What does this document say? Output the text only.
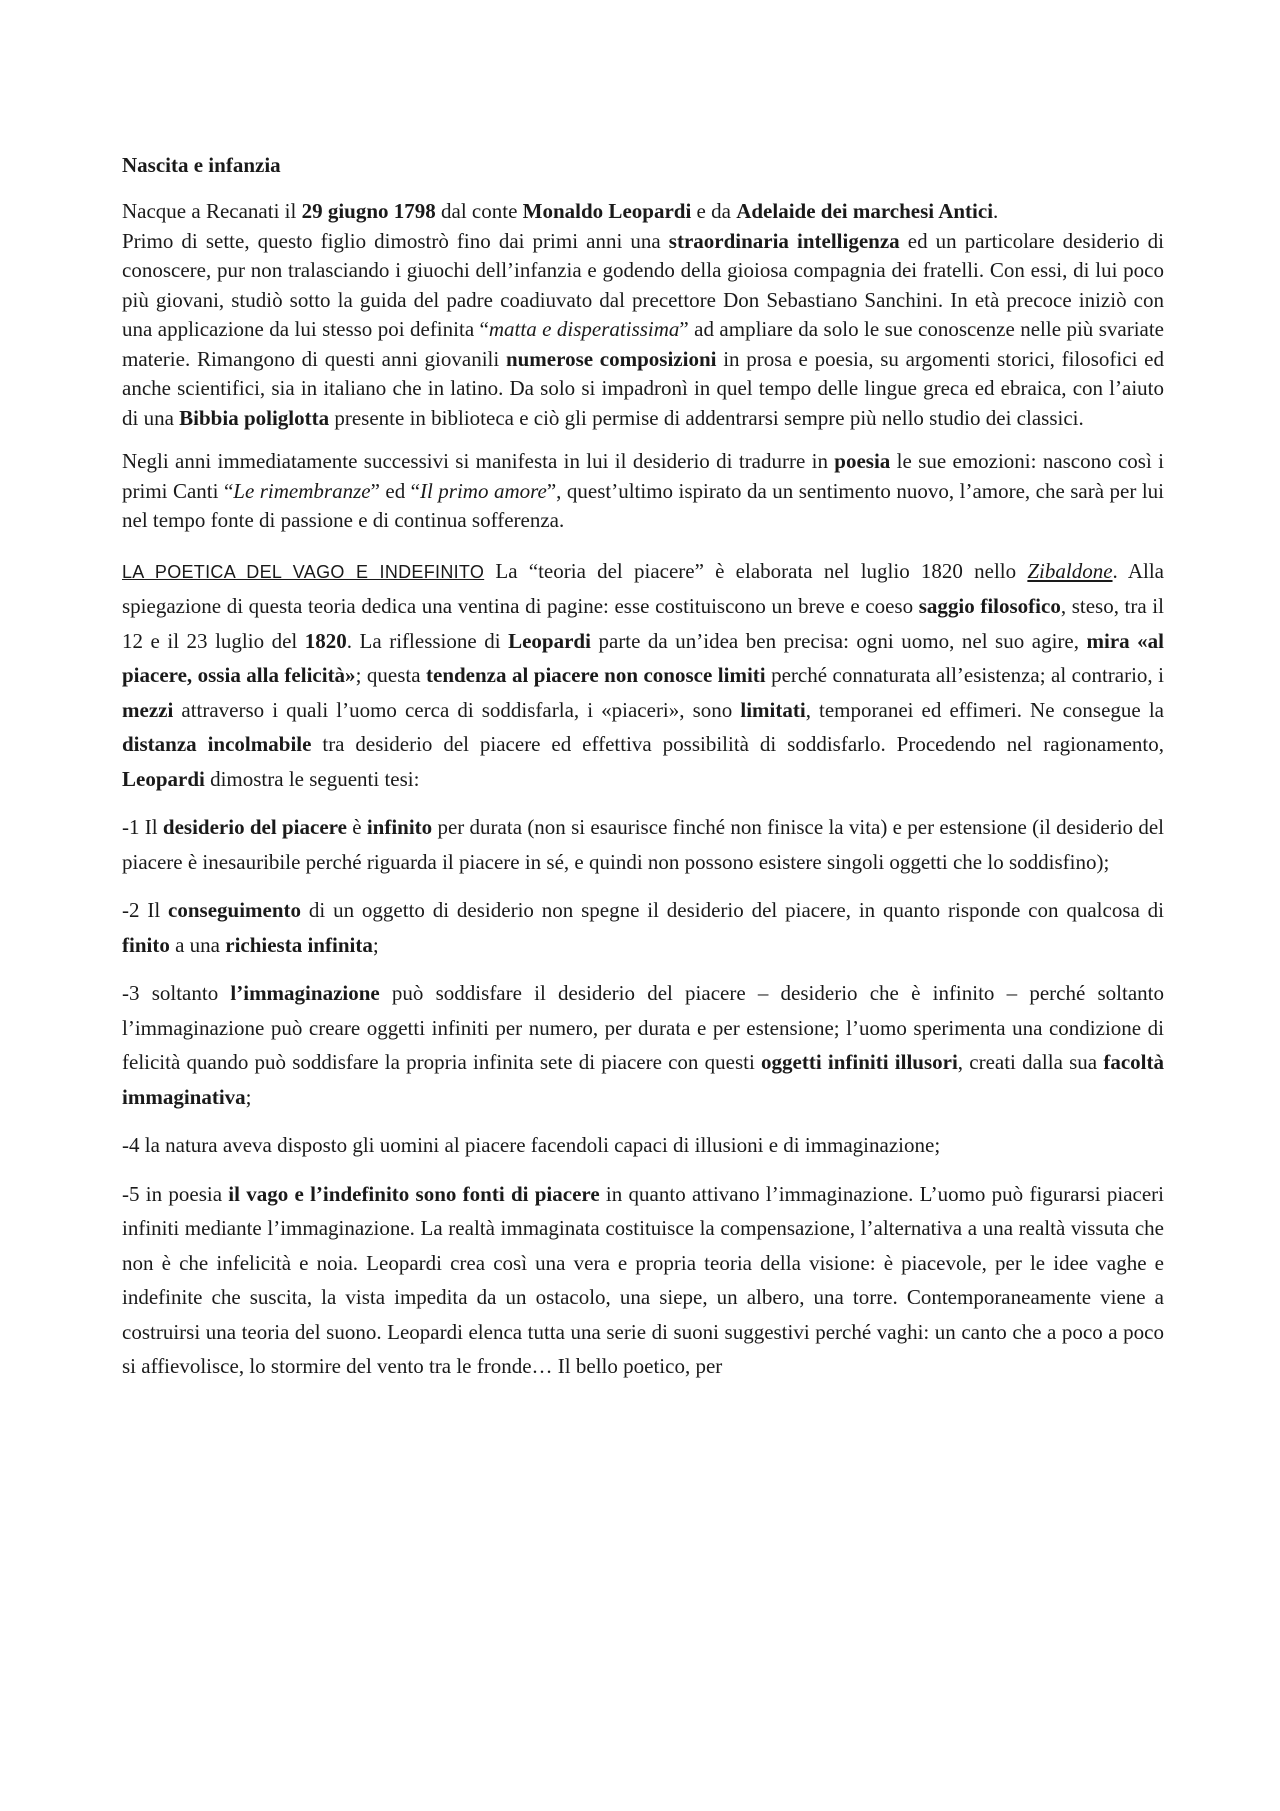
Nascita e infanzia

Nacque a Recanati il 29 giugno 1798 dal conte Monaldo Leopardi e da Adelaide dei marchesi Antici.
Primo di sette, questo figlio dimostrò fino dai primi anni una straordinaria intelligenza ed un particolare desiderio di conoscere, pur non tralasciando i giuochi dell’infanzia e godendo della gioiosa compagnia dei fratelli. Con essi, di lui poco più giovani, studiò sotto la guida del padre coadiuvato dal precettore Don Sebastiano Sanchini. In età precoce iniziò con una applicazione da lui stesso poi definita “matta e disperatissima” ad ampliare da solo le sue conoscenze nelle più svariate materie. Rimangono di questi anni giovanili numerose composizioni in prosa e poesia, su argomenti storici, filosofici ed anche scientifici, sia in italiano che in latino. Da solo si impadronì in quel tempo delle lingue greca ed ebraica, con l’aiuto di una Bibbia poliglotta presente in biblioteca e ciò gli permise di addentrarsi sempre più nello studio dei classici.

Negli anni immediatamente successivi si manifesta in lui il desiderio di tradurre in poesia le sue emozioni: nascono così i primi Canti “Le rimembranze” ed “Il primo amore”, quest’ultimo ispirato da un sentimento nuovo, l’amore, che sarà per lui nel tempo fonte di passione e di continua sofferenza.

LA POETICA DEL VAGO E INDEFINITO La “teoria del piacere” è elaborata nel luglio 1820 nello Zibaldone. Alla spiegazione di questa teoria dedica una ventina di pagine: esse costituiscono un breve e coeso saggio filosofico, steso, tra il 12 e il 23 luglio del 1820. La riflessione di Leopardi parte da un’idea ben precisa: ogni uomo, nel suo agire, mira «al piacere, ossia alla felicità»; questa tendenza al piacere non conosce limiti perché connaturata all’esistenza; al contrario, i mezzi attraverso i quali l’uomo cerca di soddisfarla, i «piaceri», sono limitati, temporanei ed effimeri. Ne consegue la distanza incolmabile tra desiderio del piacere ed effettiva possibilità di soddisfarlo. Procedendo nel ragionamento, Leopardi dimostra le seguenti tesi:

-1 Il desiderio del piacere è infinito per durata (non si esaurisce finché non finisce la vita) e per estensione (il desiderio del piacere è inesauribile perché riguarda il piacere in sé, e quindi non possono esistere singoli oggetti che lo soddisfino);

-2 Il conseguimento di un oggetto di desiderio non spegne il desiderio del piacere, in quanto risponde con qualcosa di finito a una richiesta infinita;

-3 soltanto l’immaginazione può soddisfare il desiderio del piacere – desiderio che è infinito – perché soltanto l’immaginazione può creare oggetti infiniti per numero, per durata e per estensione; l’uomo sperimenta una condizione di felicità quando può soddisfare la propria infinita sete di piacere con questi oggetti infiniti illusori, creati dalla sua facoltà immaginativa;

-4 la natura aveva disposto gli uomini al piacere facendoli capaci di illusioni e di immaginazione;

-5 in poesia il vago e l’indefinito sono fonti di piacere in quanto attivano l’immaginazione. L’uomo può figurarsi piaceri infiniti mediante l’immaginazione. La realtà immaginata costituisce la compensazione, l’alternativa a una realtà vissuta che non è che infelicità e noia. Leopardi crea così una vera e propria teoria della visione: è piacevole, per le idee vaghe e indefinite che suscita, la vista impedita da un ostacolo, una siepe, un albero, una torre. Contemporaneamente viene a costruirsi una teoria del suono. Leopardi elenca tutta una serie di suoni suggestivi perché vaghi: un canto che a poco a poco si affievolisce, lo stormire del vento tra le fronde… Il bello poetico, per
